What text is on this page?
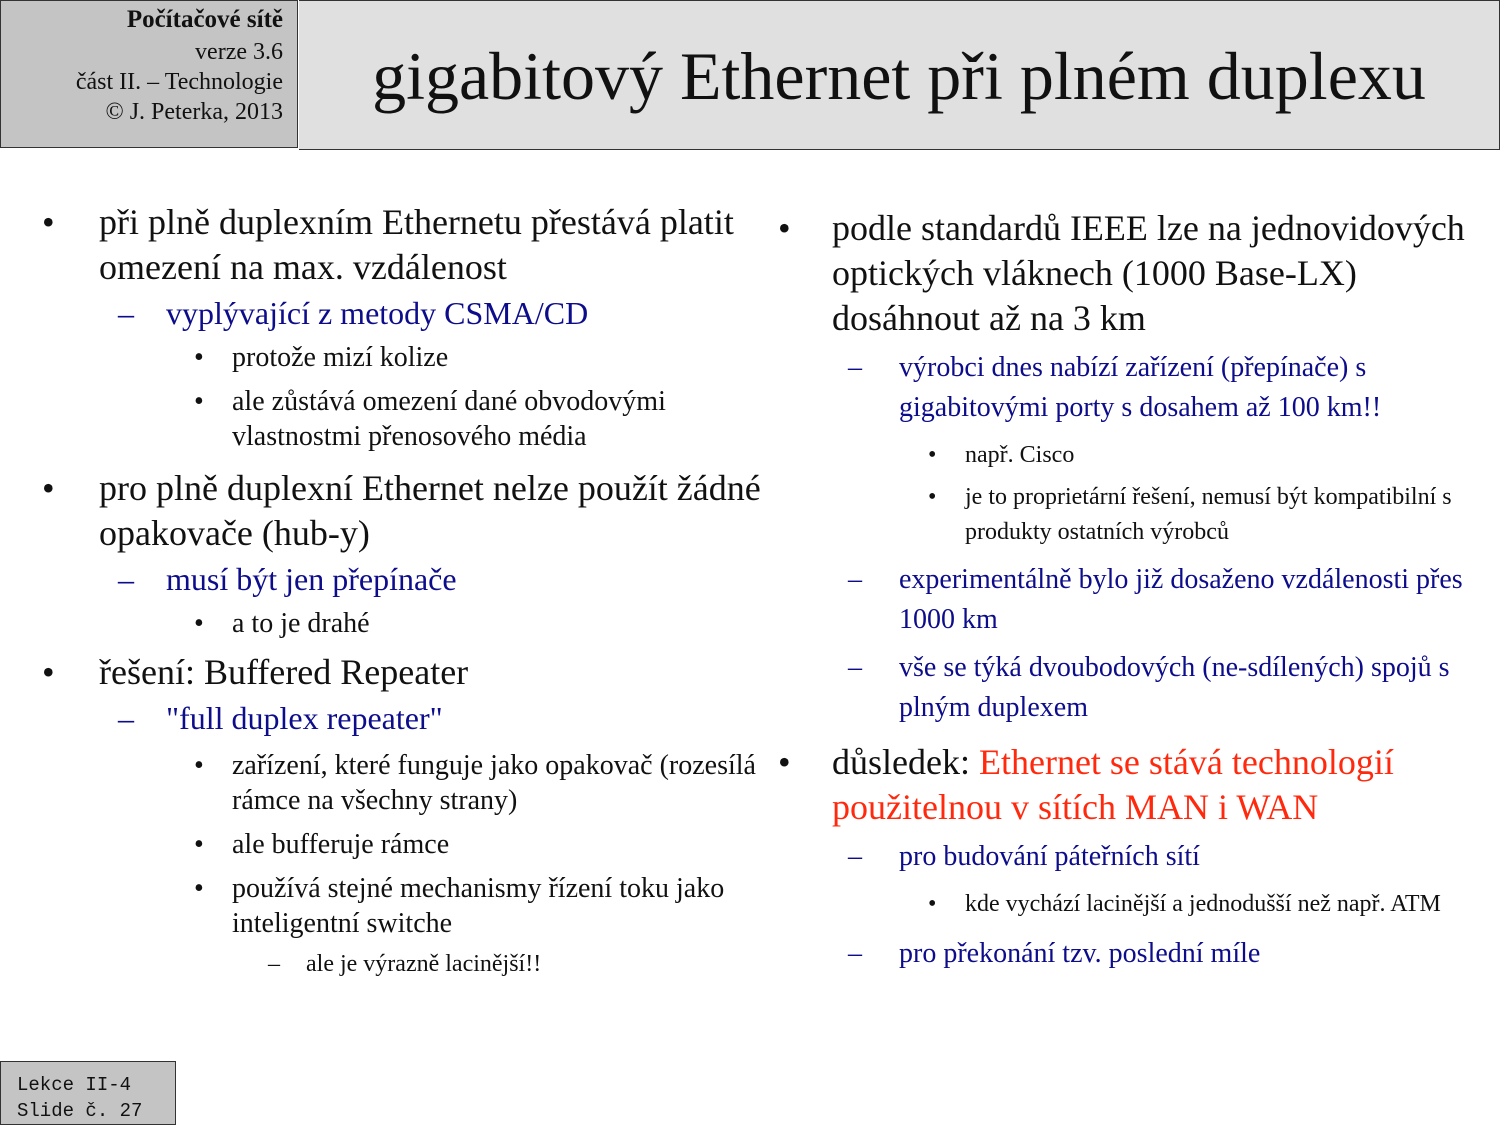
Počítačové sítě
verze 3.6
část II. – Technologie
© J. Peterka, 2013 gigabitový Ethernet při plném duplexu
• při plně duplexním Ethernetu přestává platit omezení na max. vzdálenost
– vyplývající z metody CSMA/CD
• protože mizí kolize
• ale zůstává omezení dané obvodovými vlastnostmi přenosového média
• pro plně duplexní Ethernet nelze použít žádné opakovače (hub-y)
– musí být jen přepínače
• a to je drahé
• řešení: Buffered Repeater
– "full duplex repeater"
• zařízení, které funguje jako opakovač (rozesílá rámce na všechny strany)
• ale bufferuje rámce
• používá stejné mechanismy řízení toku jako inteligentní switche
– ale je výrazně lacinější!!
• podle standardů IEEE lze na jednovidových optických vláknech (1000 Base-LX) dosáhnout až na 3 km
– výrobci dnes nabízí zařízení (přepínače) s gigabitovými porty s dosahem až 100 km!!
• např. Cisco
• je to proprietární řešení, nemusí být kompatibilní s produkty ostatních výrobců
– experimentálně bylo již dosaženo vzdálenosti přes 1000 km
– vše se týká dvoubodových (ne-sdílených) spojů s plným duplexem
• důsledek: Ethernet se stává technologií použitelnou v sítích MAN i WAN
– pro budování páteřních sítí
• kde vychází lacinější a jednodušší než např. ATM
– pro překonání tzv. poslední míle
Lekce II-4
Slide č. 27
